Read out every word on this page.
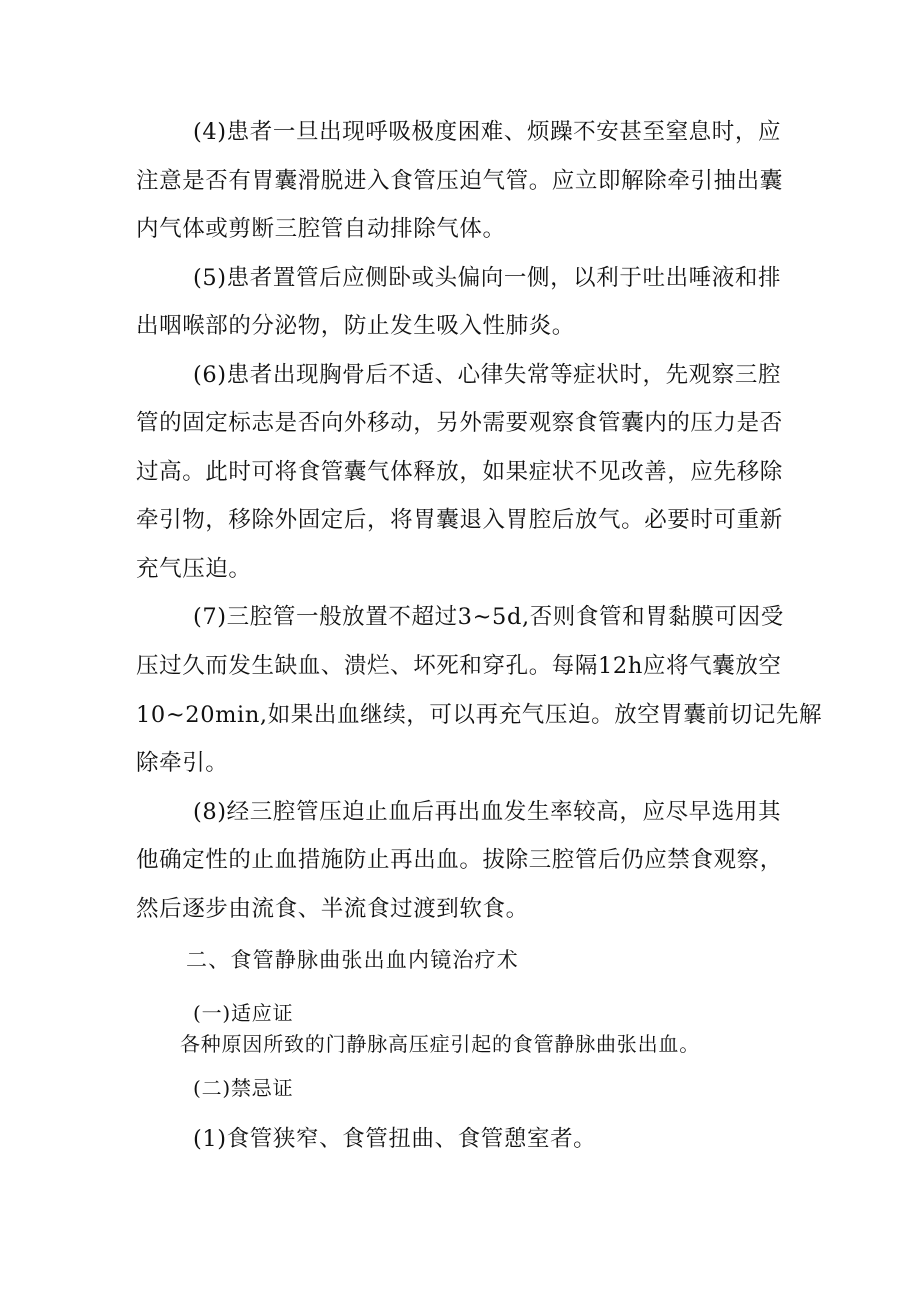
(4)患者一旦出现呼吸极度困难、烦躁不安甚至窒息时，应
注意是否有胃囊滑脱进入食管压迫气管。应立即解除牵引抽出囊
内气体或剪断三腔管自动排除气体。
(5)患者置管后应侧卧或头偏向一侧，以利于吐出唾液和排
出咽喉部的分泌物，防止发生吸入性肺炎。
(6)患者出现胸骨后不适、心律失常等症状时，先观察三腔
管的固定标志是否向外移动，另外需要观察食管囊内的压力是否
过高。此时可将食管囊气体释放，如果症状不见改善，应先移除
牵引物，移除外固定后，将胃囊退入胃腔后放气。必要时可重新
充气压迫。
(7)三腔管一般放置不超过3~5d,否则食管和胃黏膜可因受
压过久而发生缺血、溃烂、坏死和穿孔。每隔12h应将气囊放空
10~20min,如果出血继续，可以再充气压迫。放空胃囊前切记先解
除牵引。
(8)经三腔管压迫止血后再出血发生率较高，应尽早选用其
他确定性的止血措施防止再出血。拔除三腔管后仍应禁食观察，
然后逐步由流食、半流食过渡到软食。
二、食管静脉曲张出血内镜治疗术
(一)适应证
各种原因所致的门静脉高压症引起的食管静脉曲张出血。
(二)禁忌证
(1)食管狭窄、食管扭曲、食管憩室者。
